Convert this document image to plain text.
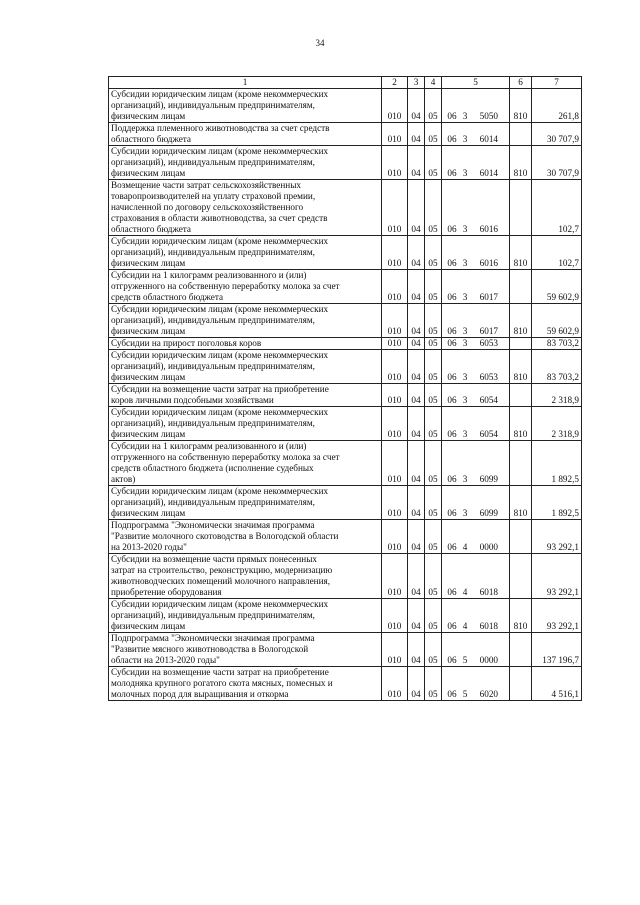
34
1	2	3	4	5	6	7
Субсидии юридическим лицам (кроме некоммерческих
организаций), индивидуальным предпринимателям,
физическим лицам	010	04	05	06 3 5050	810	261,8
Поддержка племенного животноводства за счет средств
областного бюджета	010	04	05	06 3 6014		30 707,9
Субсидии юридическим лицам (кроме некоммерческих
организаций), индивидуальным предпринимателям,
физическим лицам	010	04	05	06 3 6014	810	30 707,9
Возмещение части затрат сельскохозяйственных
товаропроизводителей на уплату страховой премии,
начисленной по договору сельскохозяйственного
страхования в области животноводства, за счет средств
областного бюджета	010	04	05	06 3 6016		102,7
Субсидии юридическим лицам (кроме некоммерческих
организаций), индивидуальным предпринимателям,
физическим лицам	010	04	05	06 3 6016	810	102,7
Субсидии на 1 килограмм реализованного и (или)
отгруженного на собственную переработку молока за счет
средств областного бюджета	010	04	05	06 3 6017		59 602,9
Субсидии юридическим лицам (кроме некоммерческих
организаций), индивидуальным предпринимателям,
физическим лицам	010	04	05	06 3 6017	810	59 602,9
Субсидии на прирост поголовья коров	010	04	05	06 3 6053		83 703,2
Субсидии юридическим лицам (кроме некоммерческих
организаций), индивидуальным предпринимателям,
физическим лицам	010	04	05	06 3 6053	810	83 703,2
Субсидии на возмещение части затрат на приобретение
коров личными подсобными хозяйствами	010	04	05	06 3 6054		2 318,9
Субсидии юридическим лицам (кроме некоммерческих
организаций), индивидуальным предпринимателям,
физическим лицам	010	04	05	06 3 6054	810	2 318,9
Субсидии на 1 килограмм реализованного и (или)
отгруженного на собственную переработку молока за счет
средств областного бюджета (исполнение судебных
актов)	010	04	05	06 3 6099		1 892,5
Субсидии юридическим лицам (кроме некоммерческих
организаций), индивидуальным предпринимателям,
физическим лицам	010	04	05	06 3 6099	810	1 892,5
Подпрограмма "Экономически значимая программа
"Развитие молочного скотоводства в Вологодской области
на 2013-2020 годы"	010	04	05	06 4 0000		93 292,1
Субсидии на возмещение части прямых понесенных
затрат на строительство, реконструкцию, модернизацию
животноводческих помещений молочного направления,
приобретение оборудования	010	04	05	06 4 6018		93 292,1
Субсидии юридическим лицам (кроме некоммерческих
организаций), индивидуальным предпринимателям,
физическим лицам	010	04	05	06 4 6018	810	93 292,1
Подпрограмма "Экономически значимая программа
"Развитие мясного животноводства в Вологодской
области на 2013-2020 годы"	010	04	05	06 5 0000		137 196,7
Субсидии на возмещение части затрат на приобретение
молодняка крупного рогатого скота мясных, помесных и
молочных пород для выращивания и откорма	010	04	05	06 5 6020		4 516,1
